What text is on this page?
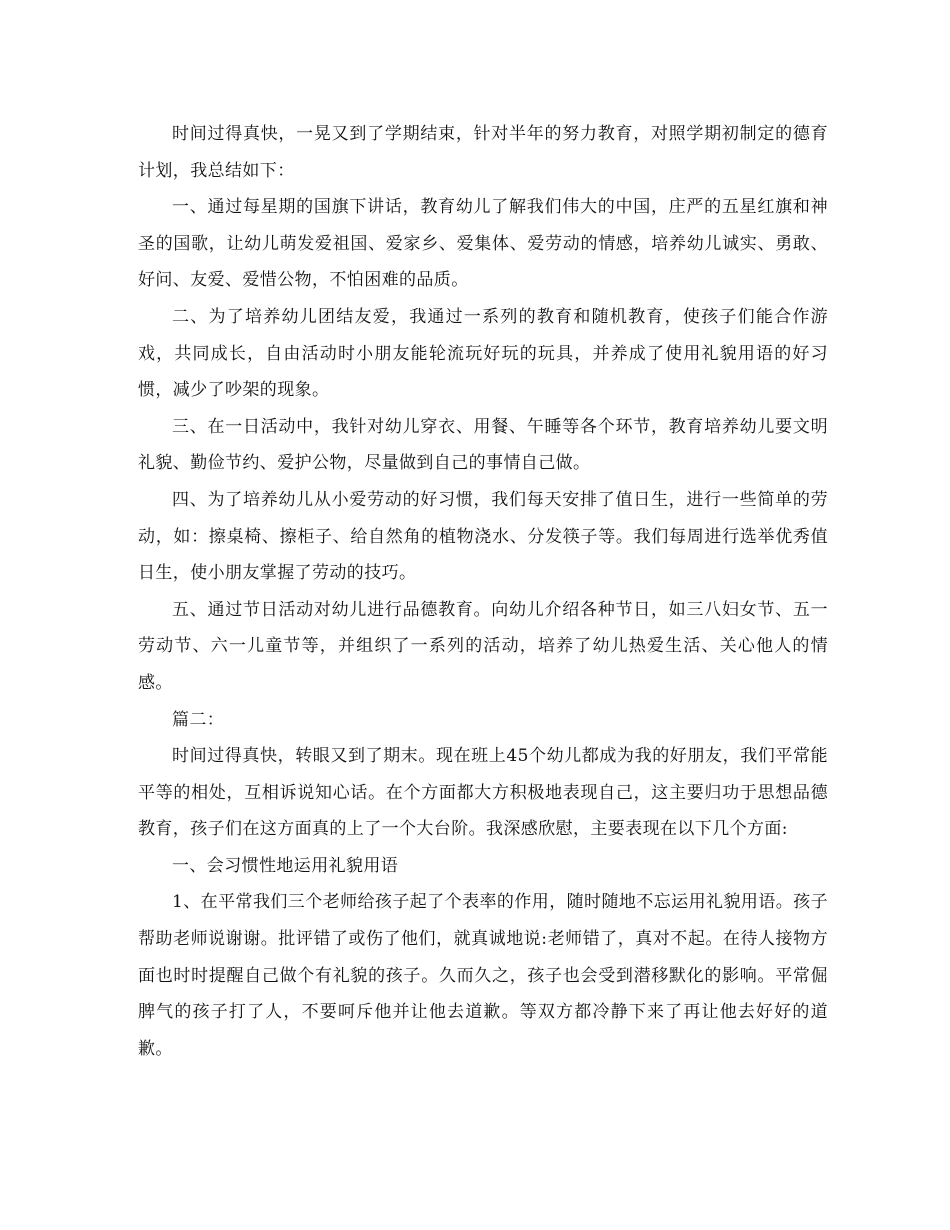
时间过得真快，一晃又到了学期结束，针对半年的努力教育，对照学期初制定的德育计划，我总结如下：

一、通过每星期的国旗下讲话，教育幼儿了解我们伟大的中国，庄严的五星红旗和神圣的国歌，让幼儿萌发爱祖国、爱家乡、爱集体、爱劳动的情感，培养幼儿诚实、勇敢、好问、友爱、爱惜公物，不怕困难的品质。

二、为了培养幼儿团结友爱，我通过一系列的教育和随机教育，使孩子们能合作游戏，共同成长，自由活动时小朋友能轮流玩好玩的玩具，并养成了使用礼貌用语的好习惯，减少了吵架的现象。

三、在一日活动中，我针对幼儿穿衣、用餐、午睡等各个环节，教育培养幼儿要文明礼貌、勤俭节约、爱护公物，尽量做到自己的事情自己做。

四、为了培养幼儿从小爱劳动的好习惯，我们每天安排了值日生，进行一些简单的劳动，如：擦桌椅、擦柜子、给自然角的植物浇水、分发筷子等。我们每周进行选举优秀值日生，使小朋友掌握了劳动的技巧。

五、通过节日活动对幼儿进行品德教育。向幼儿介绍各种节日，如三八妇女节、五一劳动节、六一儿童节等，并组织了一系列的活动，培养了幼儿热爱生活、关心他人的情感。

篇二：

时间过得真快，转眼又到了期末。现在班上45个幼儿都成为我的好朋友，我们平常能平等的相处，互相诉说知心话。在个方面都大方积极地表现自己，这主要归功于思想品德教育，孩子们在这方面真的上了一个大台阶。我深感欣慰，主要表现在以下几个方面:

一、会习惯性地运用礼貌用语

1、在平常我们三个老师给孩子起了个表率的作用，随时随地不忘运用礼貌用语。孩子帮助老师说谢谢。批评错了或伤了他们，就真诚地说:老师错了，真对不起。在待人接物方面也时时提醒自己做个有礼貌的孩子。久而久之，孩子也会受到潜移默化的影响。平常倔脾气的孩子打了人，不要呵斥他并让他去道歉。等双方都冷静下来了再让他去好好的道歉。
